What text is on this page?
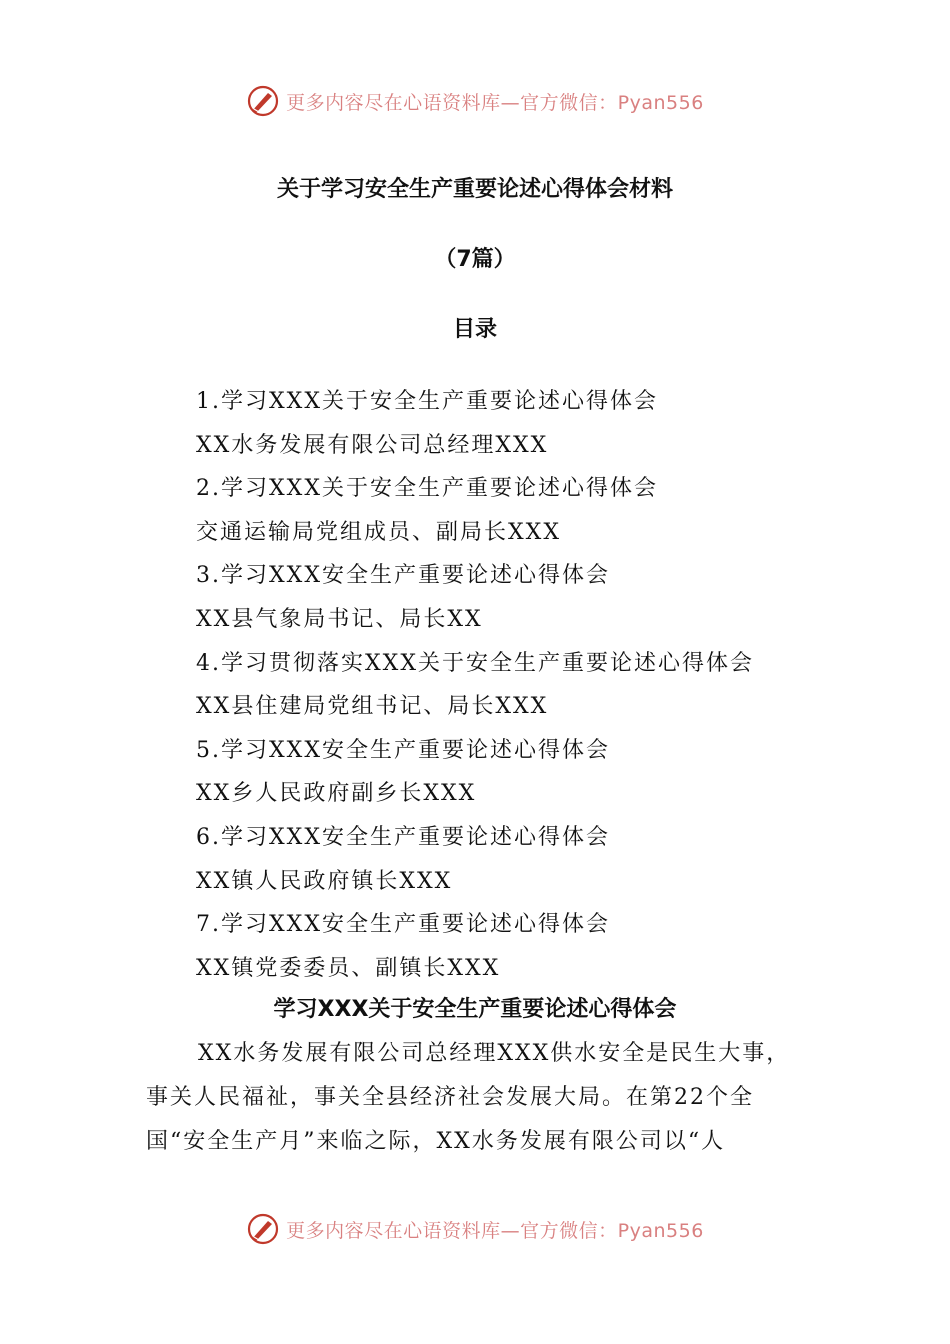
更多内容尽在心语资料库—官方微信：Pyan556
关于学习安全生产重要论述心得体会材料
（7篇）
目录
1.学习XXX关于安全生产重要论述心得体会
XX水务发展有限公司总经理XXX
2.学习XXX关于安全生产重要论述心得体会
交通运输局党组成员、副局长XXX
3.学习XXX安全生产重要论述心得体会
XX县气象局书记、局长XX
4.学习贯彻落实XXX关于安全生产重要论述心得体会
XX县住建局党组书记、局长XXX
5.学习XXX安全生产重要论述心得体会
XX乡人民政府副乡长XXX
6.学习XXX安全生产重要论述心得体会
XX镇人民政府镇长XXX
7.学习XXX安全生产重要论述心得体会
XX镇党委委员、副镇长XXX
学习XXX关于安全生产重要论述心得体会

XX水务发展有限公司总经理XXX供水安全是民生大事，事关人民福祉，事关全县经济社会发展大局。在第22个全国“安全生产月”来临之际，XX水务发展有限公司以“人

更多内容尽在心语资料库—官方微信：Pyan556
